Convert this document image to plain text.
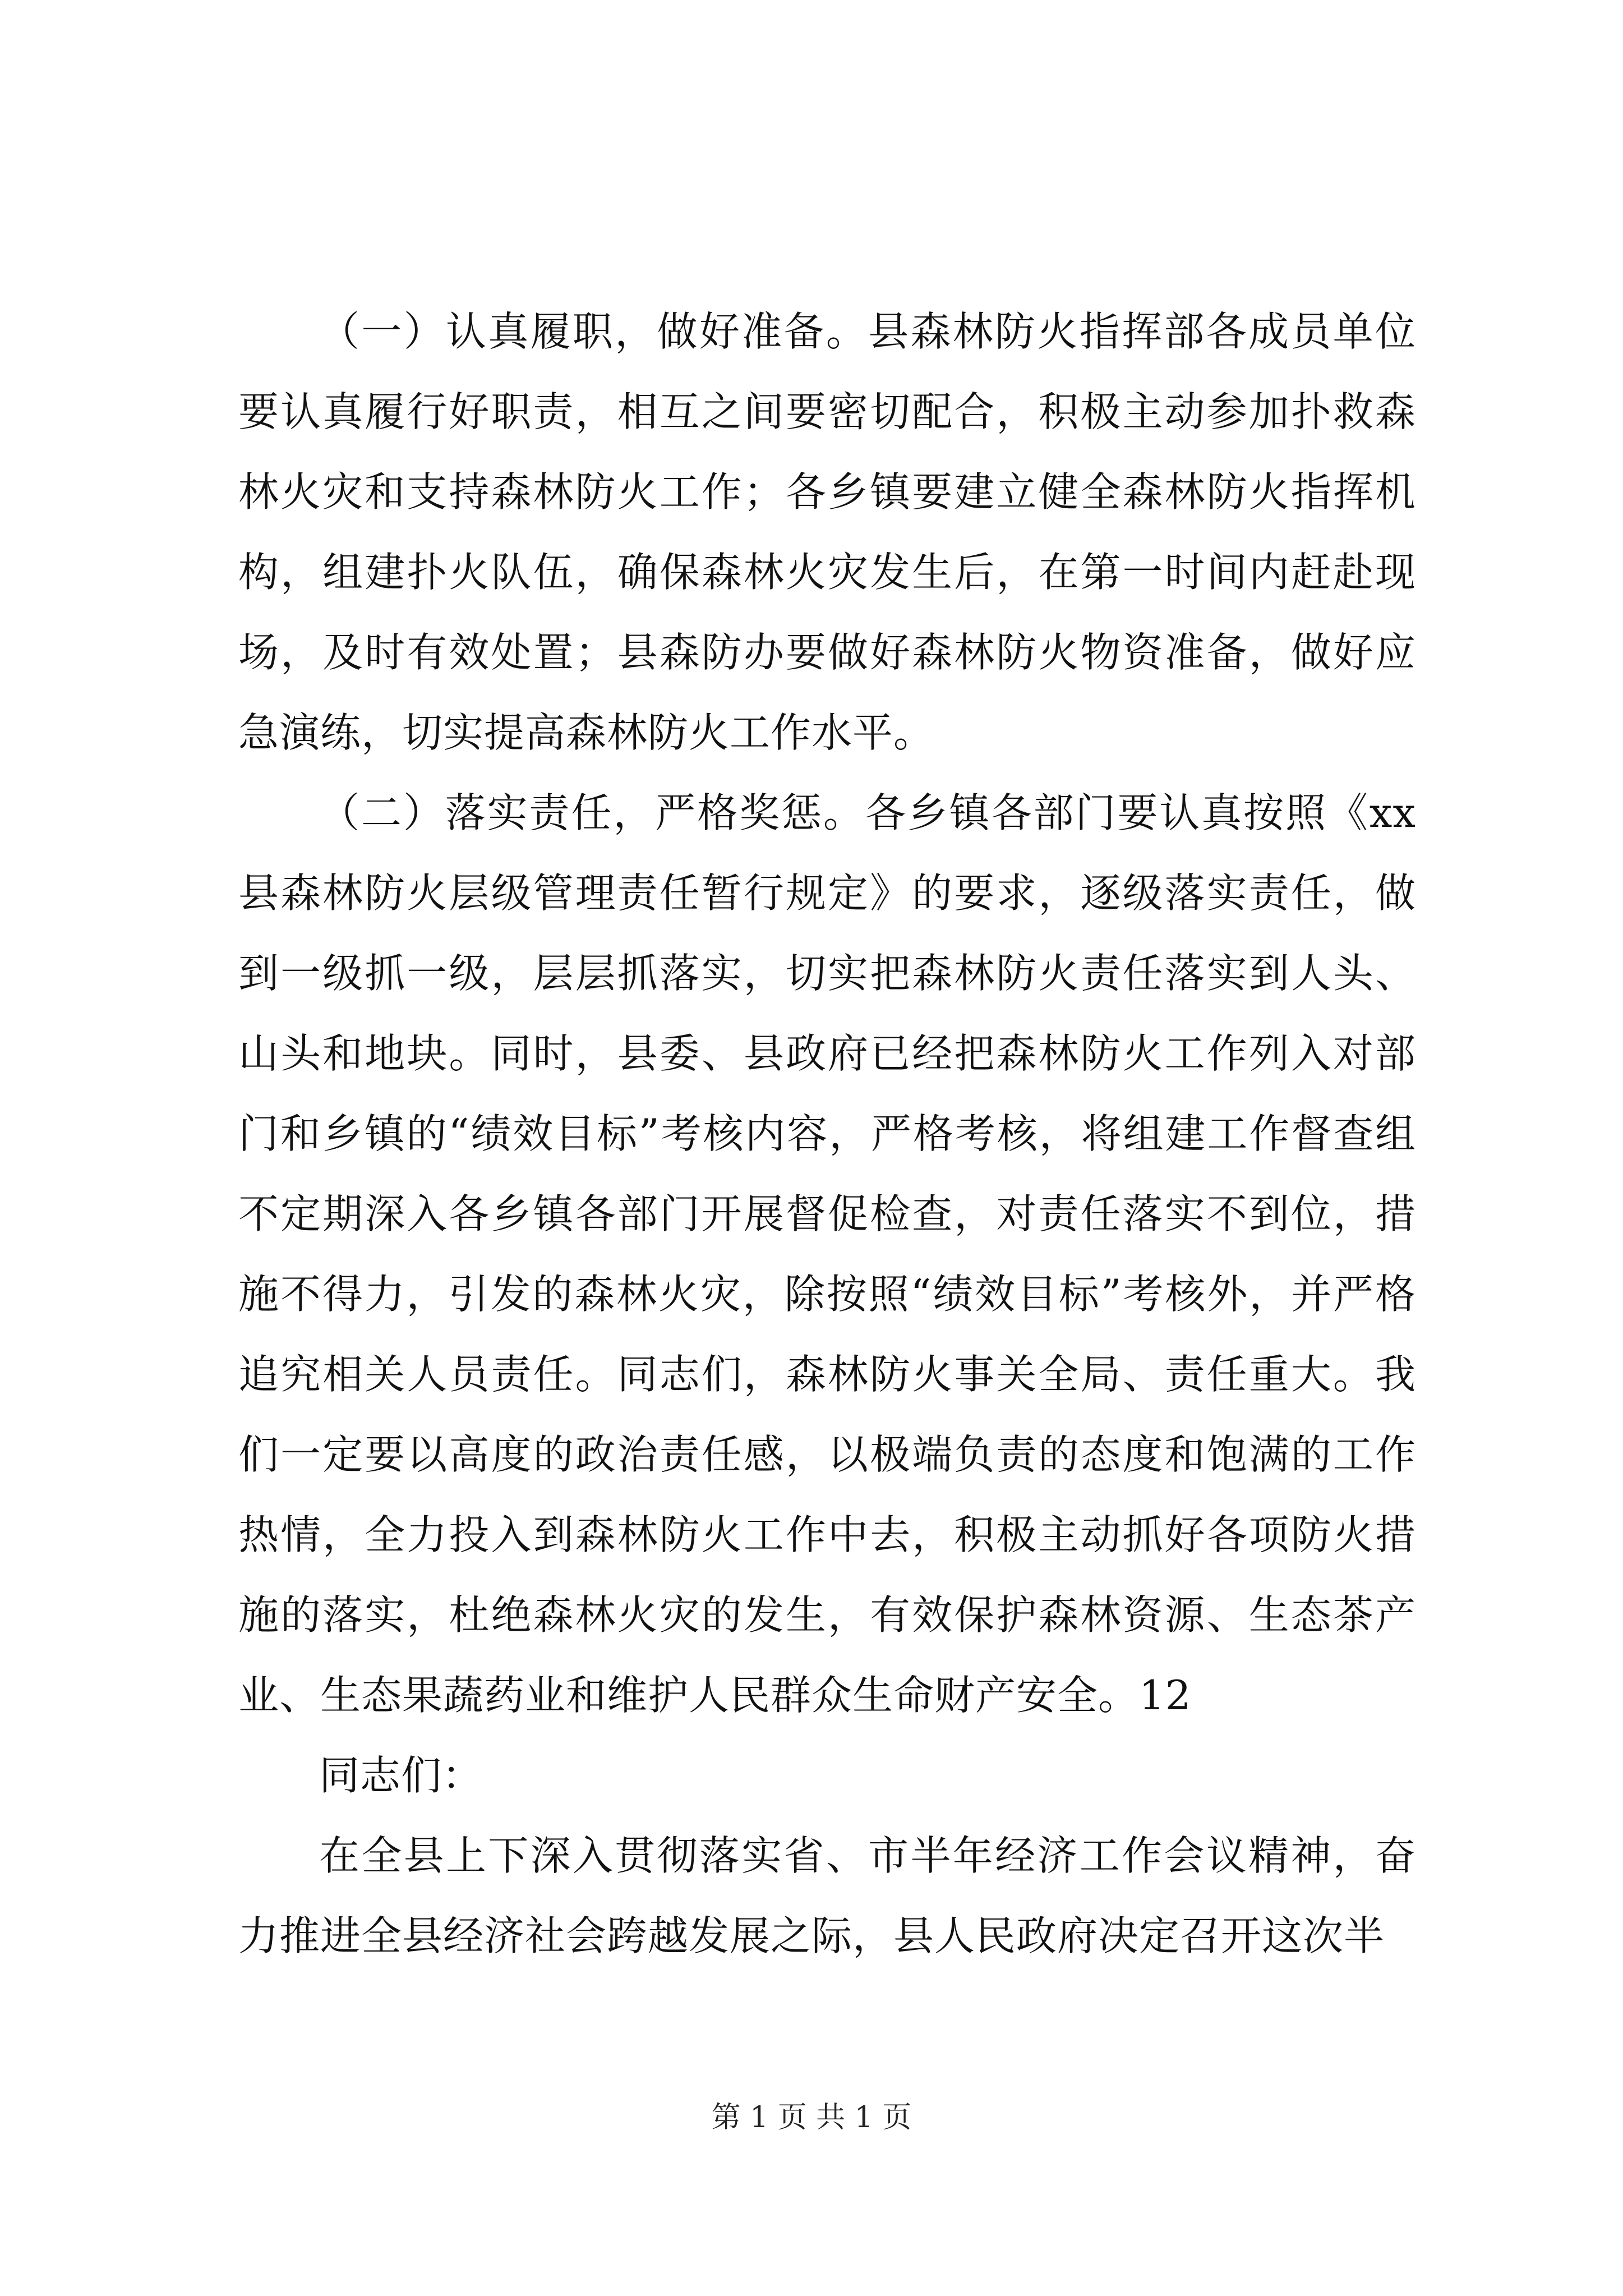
（一）认真履职，做好准备。县森林防火指挥部各成员单位要认真履行好职责，相互之间要密切配合，积极主动参加扑救森林火灾和支持森林防火工作；各乡镇要建立健全森林防火指挥机构，组建扑火队伍，确保森林火灾发生后，在第一时间内赶赴现场，及时有效处置；县森防办要做好森林防火物资准备，做好应急演练，切实提高森林防火工作水平。

（二）落实责任，严格奖惩。各乡镇各部门要认真按照《xx县森林防火层级管理责任暂行规定》的要求，逐级落实责任，做到一级抓一级，层层抓落实，切实把森林防火责任落实到人头、山头和地块。同时，县委、县政府已经把森林防火工作列入对部门和乡镇的“绩效目标”考核内容，严格考核，将组建工作督查组不定期深入各乡镇各部门开展督促检查，对责任落实不到位，措施不得力，引发的森林火灾，除按照“绩效目标”考核外，并严格追究相关人员责任。同志们，森林防火事关全局、责任重大。我们一定要以高度的政治责任感，以极端负责的态度和饱满的工作热情，全力投入到森林防火工作中去，积极主动抓好各项防火措施的落实，杜绝森林火灾的发生，有效保护森林资源、生态茶产业、生态果蔬药业和维护人民群众生命财产安全。12

同志们：

在全县上下深入贯彻落实省、市半年经济工作会议精神，奋力推进全县经济社会跨越发展之际，县人民政府决定召开这次半

第 1 页 共 1 页
